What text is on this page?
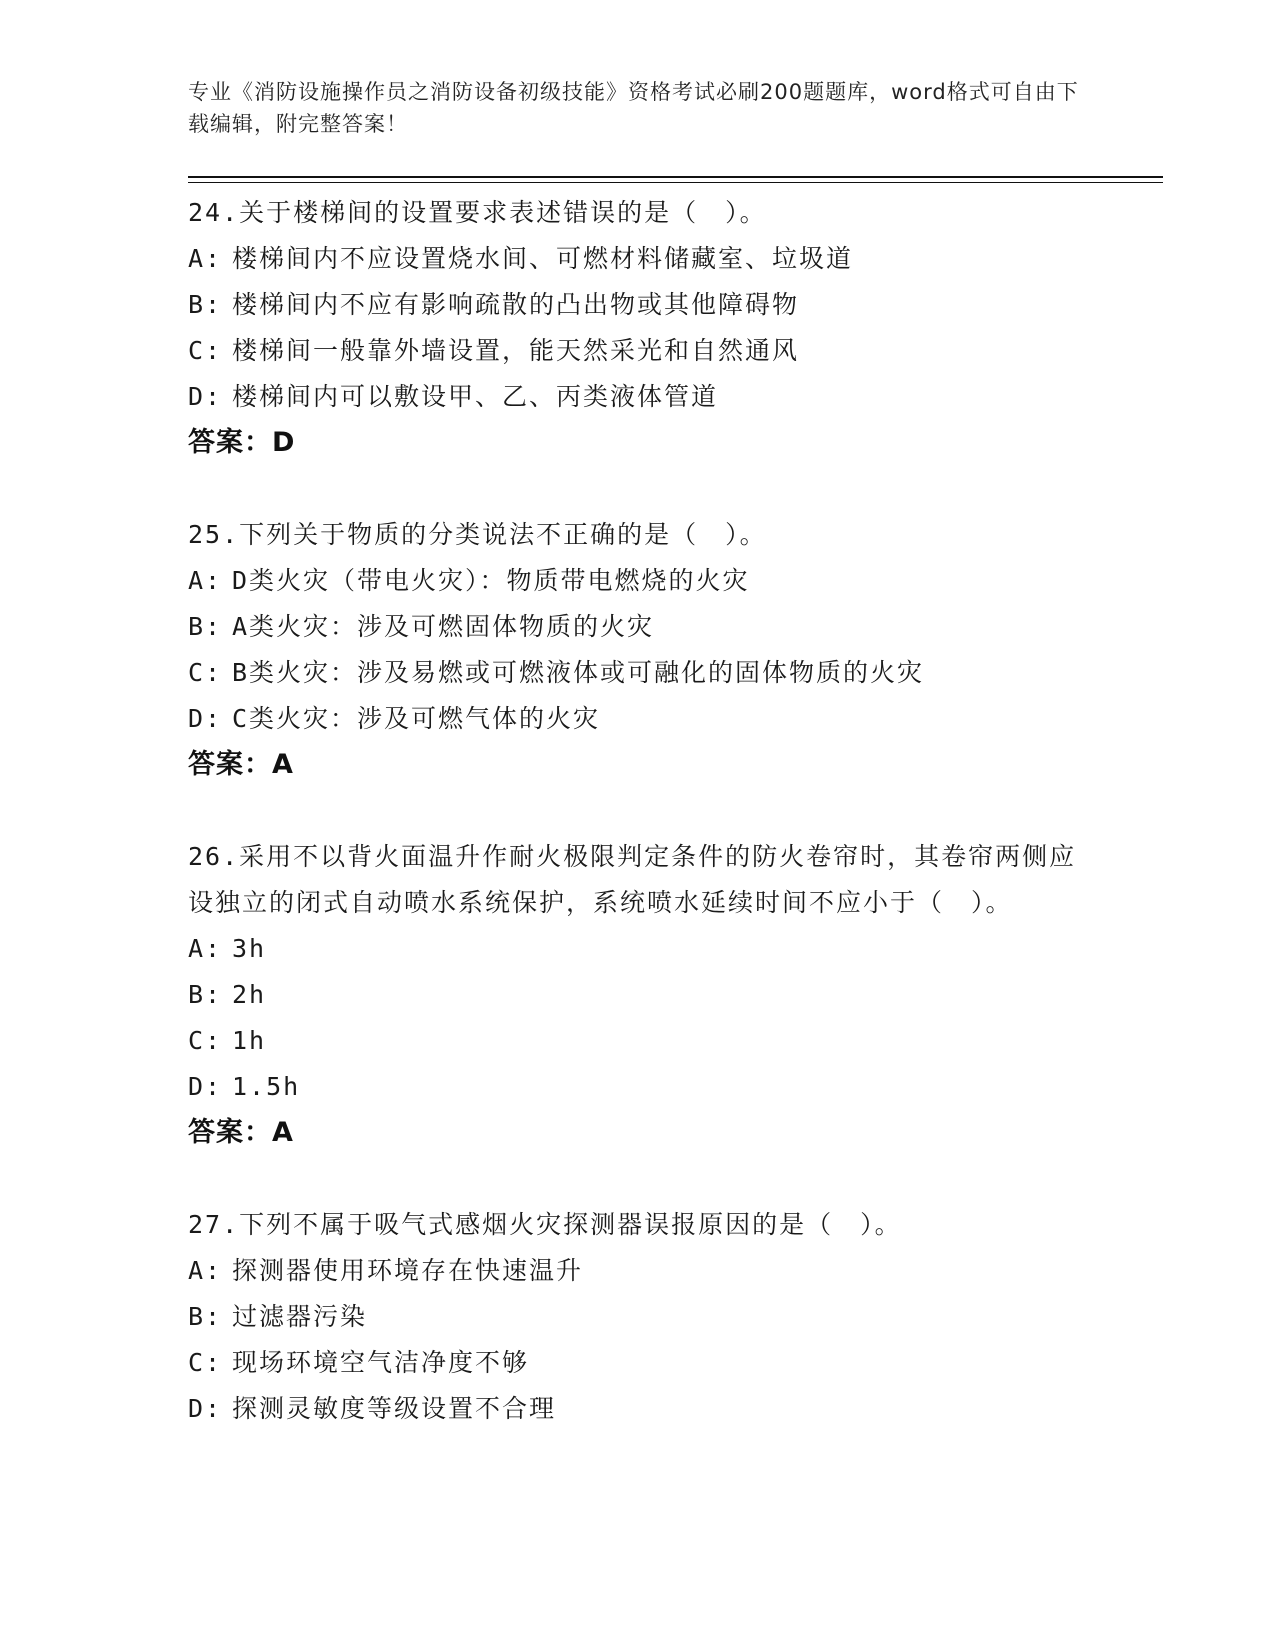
专业《消防设施操作员之消防设备初级技能》资格考试必刷200题题库，word格式可自由下载编辑，附完整答案！
24.关于楼梯间的设置要求表述错误的是（　）。
A: 楼梯间内不应设置烧水间、可燃材料储藏室、垃圾道
B: 楼梯间内不应有影响疏散的凸出物或其他障碍物
C: 楼梯间一般靠外墙设置，能天然采光和自然通风
D: 楼梯间内可以敷设甲、乙、丙类液体管道
答案：D
25.下列关于物质的分类说法不正确的是（　）。
A: D类火灾（带电火灾）：物质带电燃烧的火灾
B: A类火灾：涉及可燃固体物质的火灾
C: B类火灾：涉及易燃或可燃液体或可融化的固体物质的火灾
D: C类火灾：涉及可燃气体的火灾
答案：A
26.采用不以背火面温升作耐火极限判定条件的防火卷帘时，其卷帘两侧应设独立的闭式自动喷水系统保护，系统喷水延续时间不应小于（　）。
A: 3h
B: 2h
C: 1h
D: 1.5h
答案：A
27.下列不属于吸气式感烟火灾探测器误报原因的是（　）。
A: 探测器使用环境存在快速温升
B: 过滤器污染
C: 现场环境空气洁净度不够
D: 探测灵敏度等级设置不合理
